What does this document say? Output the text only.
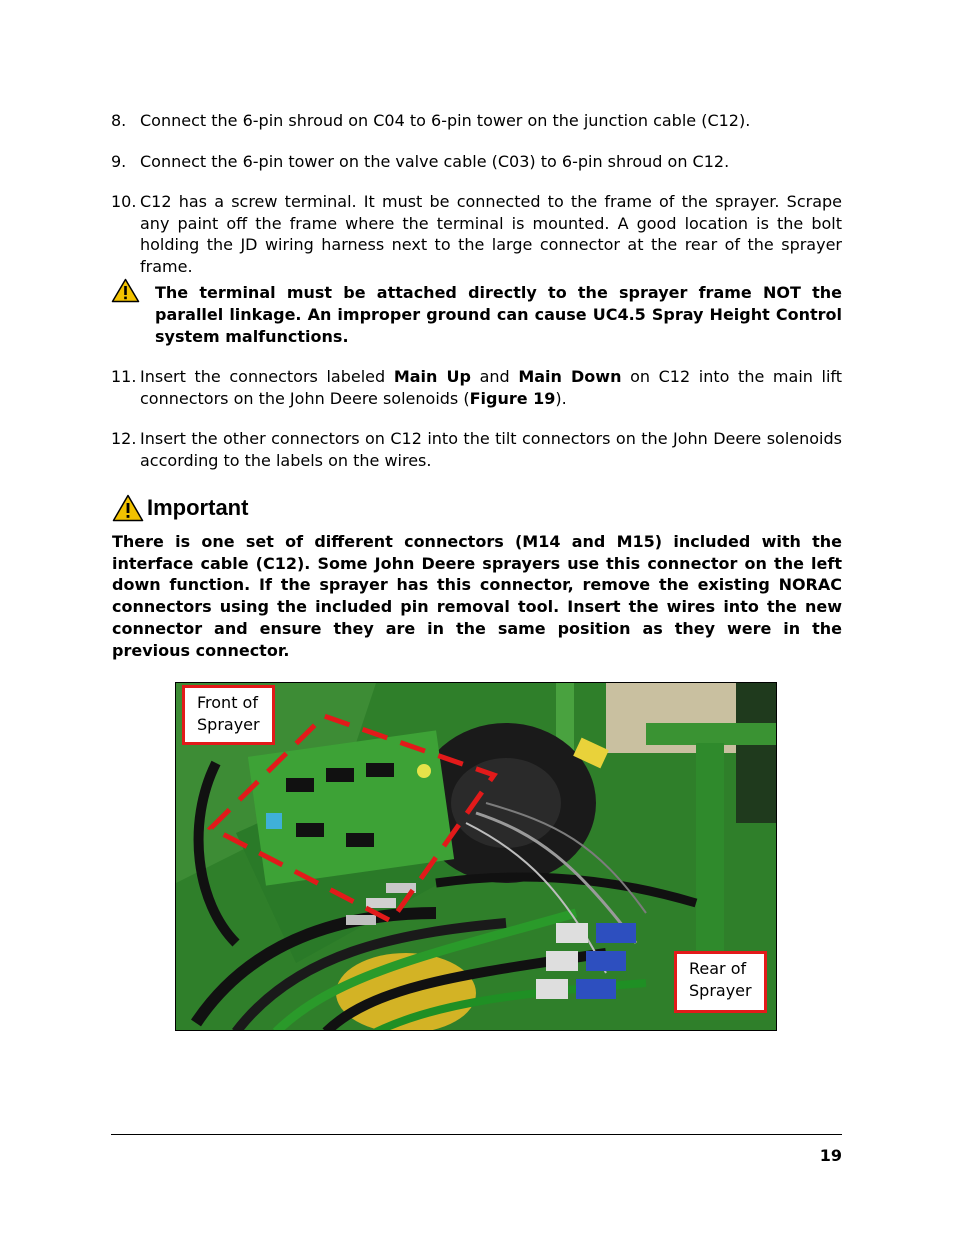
8. Connect the 6-pin shroud on C04 to 6-pin tower on the junction cable (C12).
9. Connect the 6-pin tower on the valve cable (C03) to 6-pin shroud on C12.
10. C12 has a screw terminal. It must be connected to the frame of the sprayer. Scrape any paint off the frame where the terminal is mounted. A good location is the bolt holding the JD wiring harness next to the large connector at the rear of the sprayer frame.
The terminal must be attached directly to the sprayer frame NOT the parallel linkage. An improper ground can cause UC4.5 Spray Height Control system malfunctions.
11. Insert the connectors labeled Main Up and Main Down on C12 into the main lift connectors on the John Deere solenoids (Figure 19).
12. Insert the other connectors on C12 into the tilt connectors on the John Deere solenoids according to the labels on the wires.
Important
There is one set of different connectors (M14 and M15) included with the interface cable (C12). Some John Deere sprayers use this connector on the left down function. If the sprayer has this connector, remove the existing NORAC connectors using the included pin removal tool. Insert the wires into the new connector and ensure they are in the same position as they were in the previous connector.
Front of
Sprayer
Rear of
Sprayer
19
